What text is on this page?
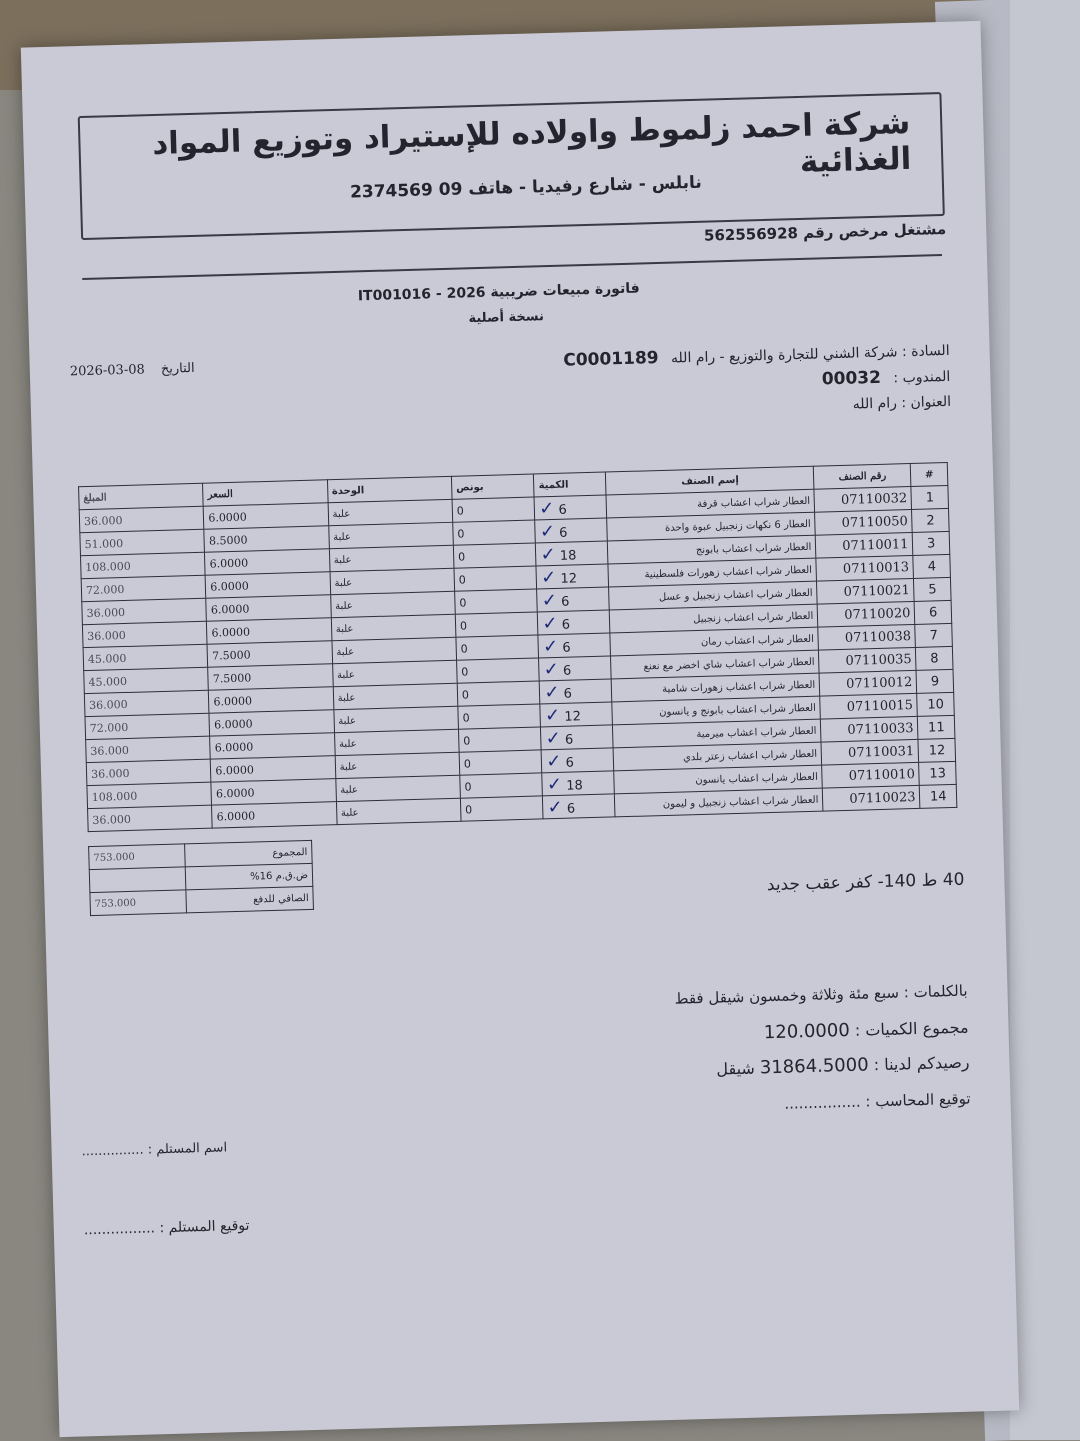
شركة احمد زلموط واولاده للإستيراد وتوزيع المواد الغذائية
نابلس - شارع رفيديا - هاتف 09 2374569
مشتغل مرخص رقم 562556928
فاتورة مبيعات ضريبية 2026 - IT001016
نسخة أصلية
2026-03-08 التاريخ
السادة : شركة الشني للتجارة والتوزيع - رام الله C0001189
المندوب : 00032
العنوان : رام الله
#	رقم الصنف	إسم الصنف	الكمية	بونص	الوحدة	السعر	المبلغ
1	07110032	العطار شراب اعشاب قرفة	6 ✓	0	علبة	6.0000	36.000
2	07110050	العطار 6 نكهات زنجبيل عبوة واحدة	6 ✓	0	علبة	8.5000	51.000
3	07110011	العطار شراب اعشاب بابونج	18 ✓	0	علبة	6.0000	108.000
4	07110013	العطار شراب اعشاب زهورات فلسطينية	12 ✓	0	علبة	6.0000	72.000
5	07110021	العطار شراب اعشاب زنجبيل و عسل	6 ✓	0	علبة	6.0000	36.000
6	07110020	العطار شراب اعشاب زنجبيل	6 ✓	0	علبة	6.0000	36.000
7	07110038	العطار شراب اعشاب رمان	6 ✓	0	علبة	7.5000	45.000
8	07110035	العطار شراب اعشاب شاي اخضر مع نعنع	6 ✓	0	علبة	7.5000	45.000
9	07110012	العطار شراب اعشاب زهورات شامية	6 ✓	0	علبة	6.0000	36.000
10	07110015	العطار شراب اعشاب بابونج و يانسون	12 ✓	0	علبة	6.0000	72.000
11	07110033	العطار شراب اعشاب ميرمية	6 ✓	0	علبة	6.0000	36.000
12	07110031	العطار شراب اعشاب زعتر بلدي	6 ✓	0	علبة	6.0000	36.000
13	07110010	العطار شراب اعشاب يانسون	18 ✓	0	علبة	6.0000	108.000
14	07110023	العطار شراب اعشاب زنجبيل و ليمون	6 ✓	0	علبة	6.0000	36.000
المجموع	753.000
ض.ق.م 16%	
الصافي للدفع	753.000
40 ط 140- كفر عقب جديد
بالكلمات : سبع مئة وثلاثة وخمسون شيقل فقط
مجموع الكميات : 120.0000
رصيدكم لدينا : 31864.5000 شيقل
توقيع المحاسب : ................
اسم المستلم : ...............
توقيع المستلم : ................
